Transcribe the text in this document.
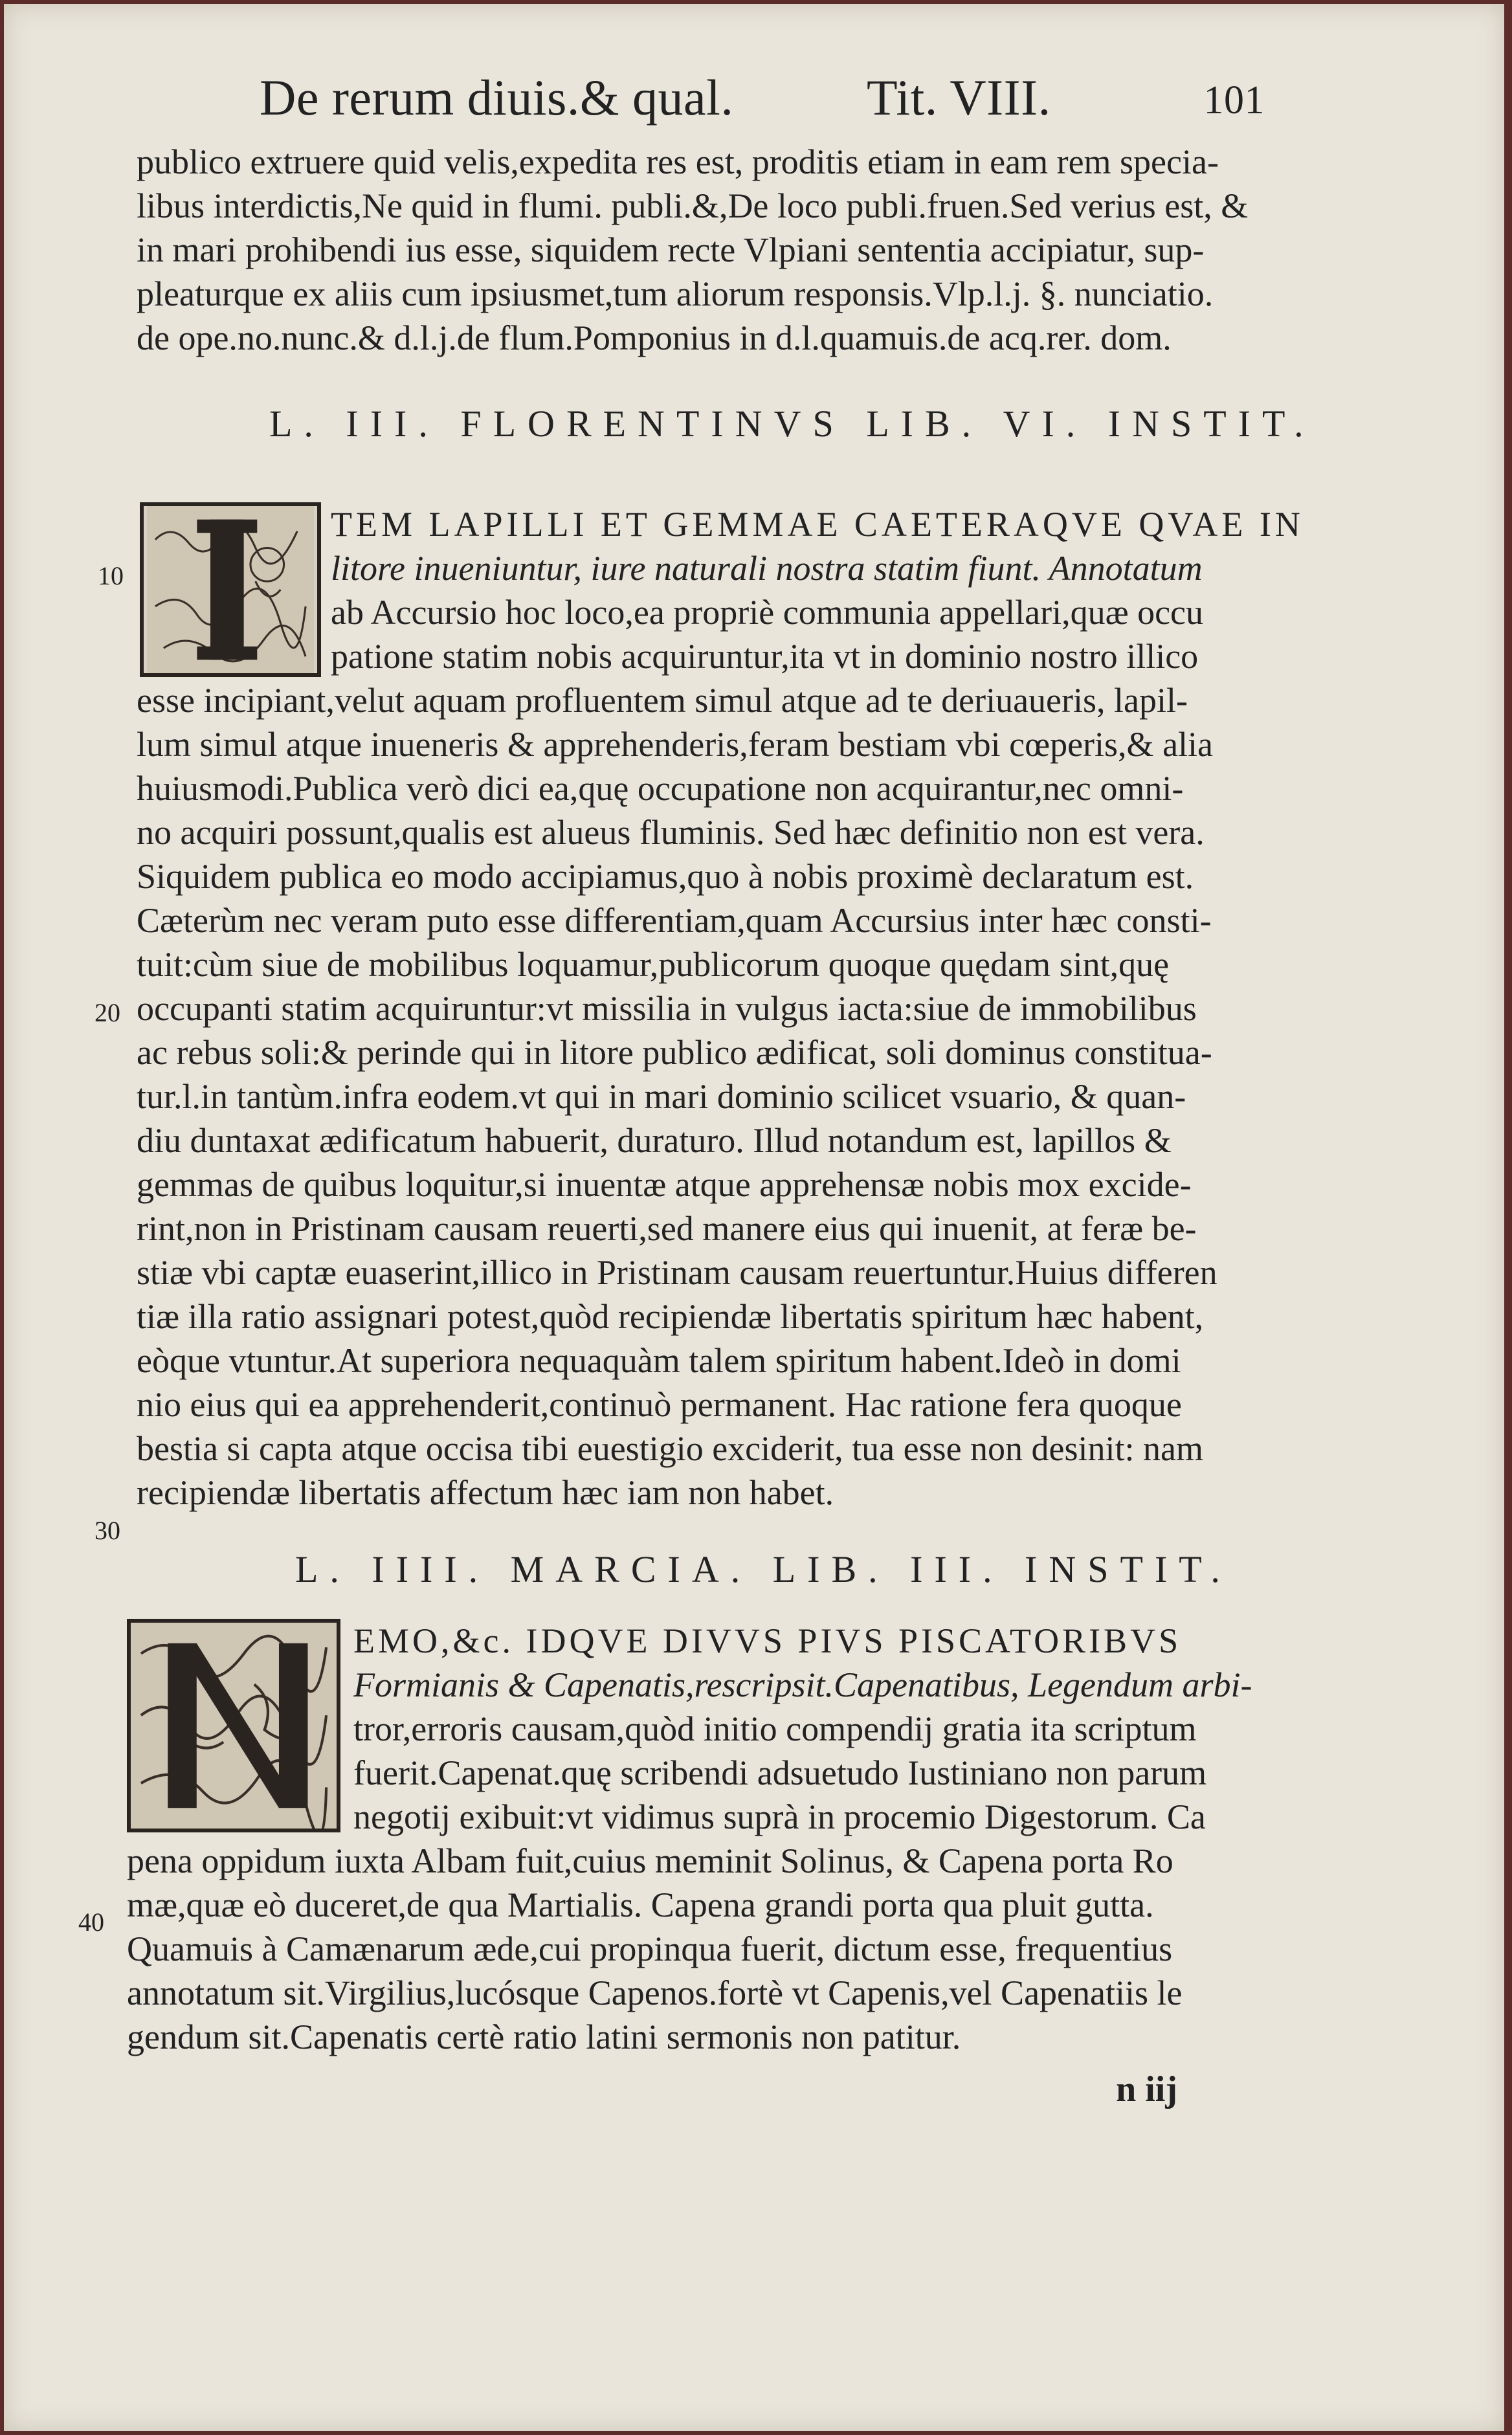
De rerum diuis.& qual.	Tit. VIII.	101
publico extruere quid velis,expedita res est, proditis etiam in eam rem specia-
libus interdictis,Ne quid in flumi. publi.&,De loco publi.fruen.Sed verius est, &
in mari prohibendi ius esse, siquidem recte Vlpiani sententia accipiatur, sup-
pleaturque ex aliis cum ipsiusmet,tum aliorum responsis.Vlp.l.j. §. nunciatio.
de ope.no.nunc.& d.l.j.de flum.Pomponius in d.l.quamuis.de acq.rer. dom.
L. III. FLORENTINVS LIB. VI. INSTIT.
TEM LAPILLI ET GEMMAE CAETERAQVE QVAE IN
litore inueniuntur, iure naturali nostra statim fiunt. Annotatum
ab Accursio hoc loco,ea propriè communia appellari,quæ occu
patione statim nobis acquiruntur,ita vt in dominio nostro illico
esse incipiant,velut aquam profluentem simul atque ad te deriuaueris, lapil-
lum simul atque inueneris & apprehenderis,feram bestiam vbi cœperis,& alia
huiusmodi.Publica verò dici ea,quę occupatione non acquirantur,nec omni-
no acquiri possunt,qualis est alueus fluminis. Sed hæc definitio non est vera.
Siquidem publica eo modo accipiamus,quo à nobis proximè declaratum est.
Cæterùm nec veram puto esse differentiam,quam Accursius inter hæc consti-
tuit:cùm siue de mobilibus loquamur,publicorum quoque quędam sint,quę
occupanti statim acquiruntur:vt missilia in vulgus iacta:siue de immobilibus
ac rebus soli:& perinde qui in litore publico ædificat, soli dominus constitua-
tur.l.in tantùm.infra eodem.vt qui in mari dominio scilicet vsuario, & quan-
diu duntaxat ædificatum habuerit, duraturo. Illud notandum est, lapillos &
gemmas de quibus loquitur,si inuentæ atque apprehensæ nobis mox excide-
rint,non in Pristinam causam reuerti,sed manere eius qui inuenit, at feræ be-
stiæ vbi captæ euaserint,illico in Pristinam causam reuertuntur.Huius differen
tiæ illa ratio assignari potest,quòd recipiendæ libertatis spiritum hæc habent,
eòque vtuntur.At superiora nequaquàm talem spiritum habent.Ideò in domi
nio eius qui ea apprehenderit,continuò permanent. Hac ratione fera quoque
bestia si capta atque occisa tibi euestigio exciderit, tua esse non desinit: nam
recipiendæ libertatis affectum hæc iam non habet.
L. IIII. MARCIA. LIB. III. INSTIT.
EMO,&c. IDQVE DIVVS PIVS PISCATORIBVS
Formianis & Capenatis,rescripsit.Capenatibus, Legendum arbi-
tror,erroris causam,quòd initio compendij gratia ita scriptum
fuerit.Capenat.quę scribendi adsuetudo Iustiniano non parum
negotij exibuit:vt vidimus suprà in procemio Digestorum. Ca
pena oppidum iuxta Albam fuit,cuius meminit Solinus, & Capena porta Ro
mæ,quæ eò duceret,de qua Martialis. Capena grandi porta qua pluit gutta.
Quamuis à Camænarum æde,cui propinqua fuerit, dictum esse, frequentius
annotatum sit.Virgilius,lucósque Capenos.fortè vt Capenis,vel Capenatiis le
gendum sit.Capenatis certè ratio latini sermonis non patitur.
10
20
30
40
n iij
